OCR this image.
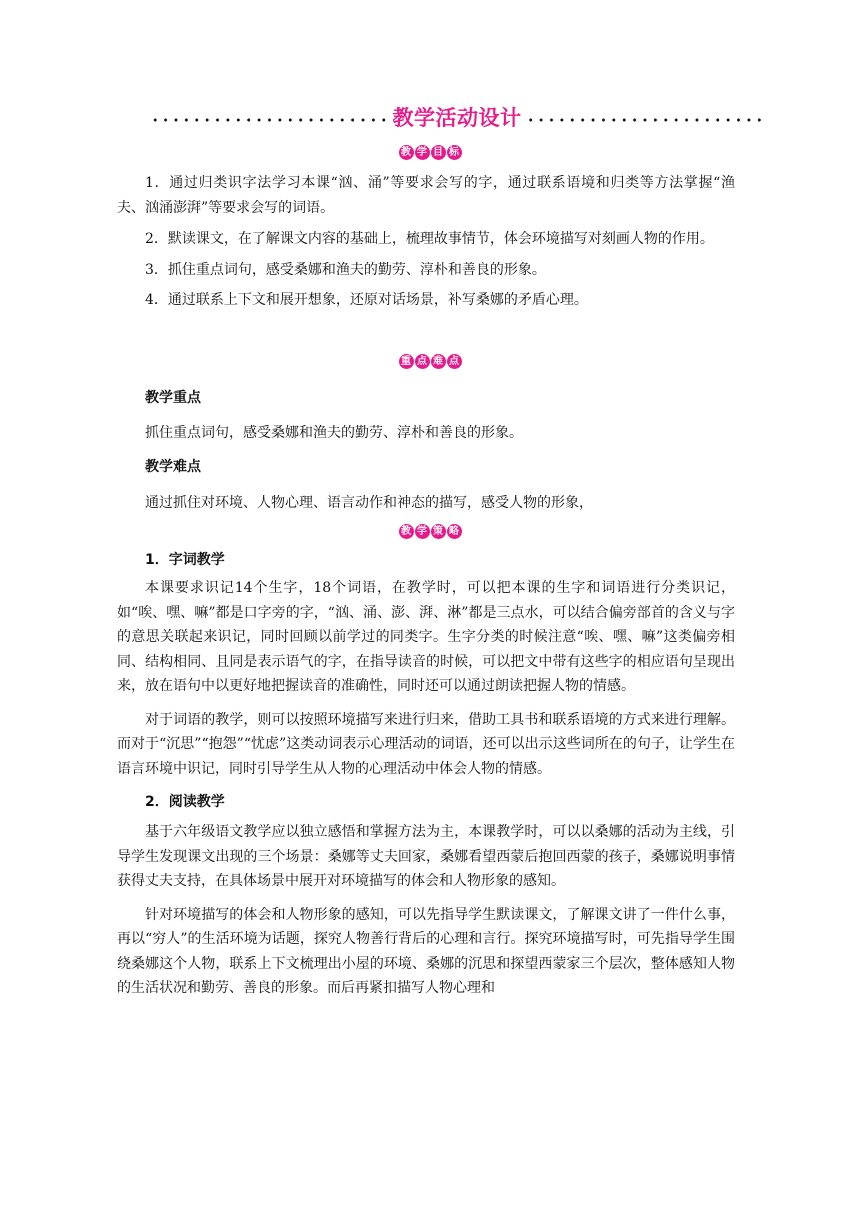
教学活动设计
教 学 目 标

1．通过归类识字法学习本课“汹、涌”等要求会写的字，通过联系语境和归类等方法掌握“渔夫、汹涌澎湃”等要求会写的词语。

2．默读课文，在了解课文内容的基础上，梳理故事情节，体会环境描写对刻画人物的作用。

3．抓住重点词句，感受桑娜和渔夫的勤劳、淳朴和善良的形象。

4．通过联系上下文和展开想象，还原对话场景，补写桑娜的矛盾心理。

重 点 难 点
教学重点

抓住重点词句，感受桑娜和渔夫的勤劳、淳朴和善良的形象。

教学难点

通过抓住对环境、人物心理、语言动作和神态的描写，感受人物的形象，

教 学 策 略
1．字词教学

本课要求识记14个生字，18个词语，在教学时，可以把本课的生字和词语进行分类识记，如“唉、嘿、嘛”都是口字旁的字，“汹、涌、澎、湃、淋”都是三点水，可以结合偏旁部首的含义与字的意思关联起来识记，同时回顾以前学过的同类字。生字分类的时候注意“唉、嘿、嘛”这类偏旁相同、结构相同、且同是表示语气的字，在指导读音的时候，可以把文中带有这些字的相应语句呈现出来，放在语句中以更好地把握读音的准确性，同时还可以通过朗读把握人物的情感。

对于词语的教学，则可以按照环境描写来进行归来，借助工具书和联系语境的方式来进行理解。而对于“沉思”“抱怨”“忧虑”这类动词表示心理活动的词语，还可以出示这些词所在的句子，让学生在语言环境中识记，同时引导学生从人物的心理活动中体会人物的情感。

2．阅读教学

基于六年级语文教学应以独立感悟和掌握方法为主，本课教学时，可以以桑娜的活动为主线，引导学生发现课文出现的三个场景：桑娜等丈夫回家，桑娜看望西蒙后抱回西蒙的孩子，桑娜说明事情获得丈夫支持，在具体场景中展开对环境描写的体会和人物形象的感知。

针对环境描写的体会和人物形象的感知，可以先指导学生默读课文，了解课文讲了一件什么事，再以“穷人”的生活环境为话题，探究人物善行背后的心理和言行。探究环境描写时，可先指导学生围绕桑娜这个人物，联系上下文梳理出小屋的环境、桑娜的沉思和探望西蒙家三个层次，整体感知人物的生活状况和勤劳、善良的形象。而后再紧扣描写人物心理和
